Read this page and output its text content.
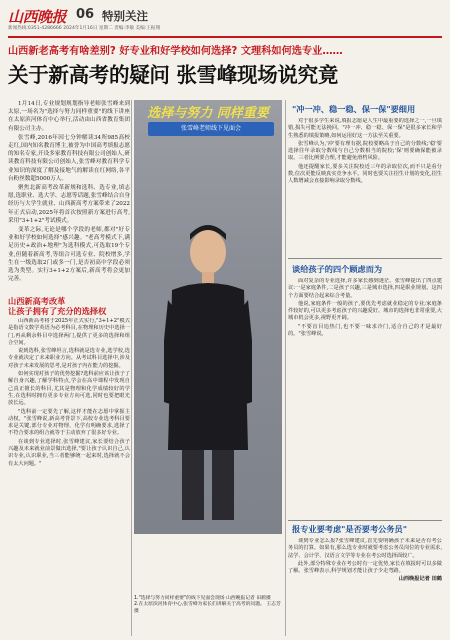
山西晚报 06 特别关注
新闻热线:0351-4286666 2024年1月16日 星期二 责编:李敏 美编:王振翔
山西新老高考有啥差别? 好专业和好学校如何选择? 文理科如何选专业……
关于新高考的疑问 张雪峰现场说究竟

1月14日,专业规划规划指导老师张雪峰来到太原,一场名为"选择与努力同样重要"的线下讲座在太原滨河体育中心举行,活动由山西省教育集团有限公司主办。

张雪峰,2016年因七分钟解读34所985高校走红,国内知名教育博主,被誉为中国高考填报志愿的知名专家,开设多家教育科技有限公司创始人,研读教育科技有限公司创始人,张雪峰对教育科学专业知识的深度了解及接地气的解读在红网络,各平台粉丝数超5000万人。

聚焦北新高考改革新规和选科、选专业,填志愿,选职业、选大学、志愿等话题,张雪峰结合自身经历与大学生就业、山西新高考方案带来了2022年正式启动,2025年将首次按照新方案进行高考,采用"3+1+2"考试模式。

变革之际,无论是哪个学段的老师,都对"好专业和好学校如何选择"感兴趣。"老高考模式下,满足历史+政治+地理"为选科模式,可选取19个专业,但随着新高考,等组合可选专业、院校增多,学生在一级选取2门或多一门,是否初高中学段必须选为类型。实行3+1+2方案后,新高考将会更加完善。

选择与努力 同样重要
张雪峰老师线下见面会
1."选择与努力同样重要"的线下见面会现场 山西晚报记者 田鹤摄
2.在太原滨河体育中心,张雪峰为家长们讲解关于高考的问题。 王志芳摄
山西新高考改革
让孩子拥有了充分的选择权

山西新高考将于2025年正式实行,"3+1+2"模式是指语文数学英语为必考科目,在物理和历史中选择一门,再从剩余科目中选择两门,提供了更多的选择和组合空间。

说到选科,张雪峰坦言,选科就是选专业,选学校,选专业就决定了未来职业方向。从考试科目选择中,涉及对孩子未来发展的思考,是对孩子内在能力的挖掘。

如何实现对孩子的优势挖掘?选科前应该让孩子了解自身兴趣,了解学科特点,学会在高中课程中发现自己真正擅长的科目,尤其是物理和化学成绩较好的学生,在选科时拥有更多专业方向可选,同时也要把眼光放长远。

"选科前一定要先了解,这样才能在志愿中掌握主动权。"张雪峰说,新高考背景下,高校专业选考科目要求是关键,部分专业对物理、化学有明确要求,选择了不符合要求的组合就等于主动放弃了很多好专业。

在谈到专业选择时,张雪峰建议,家长要结合孩子兴趣及未来就业前景做出选择,"要让孩子认识自己,认识专业,认识职业,当三者能够统一起来时,选择就不会有太大问题。"

"冲一冲、稳一稳、保一保"要细用

对于很多学生来说,填报志愿是人生中最重要的选择之一,一旦填错,损失可能无法挽回。"冲一冲、稳一稳、保一保"是很多家长和学生熟悉的填报策略,如何运用好这一方法至关重要。

张雪峰认为,'冲'要有理有据,院校要略高于自己的分数线;'稳'要选择往年录取分数线与自己分数相当的院校;'保'则要确保能被录取。三者比例要合理,才能避免滑档风险。

他还提醒家长,要多关注院校近三年的录取位次,而不只是看分数,位次更能反映真实竞争水平。同时也要关注招生计划的变化,招生人数增减会直接影响录取分数线。

谈给孩子的四个顾虑而为

面对复杂的专业选择,许多家长感到迷茫。张雪峰提出了四点建议:一是家庭条件,二是孩子兴趣,三是城市选择,四是职业规划。这四个方面要结合起来综合考量。

他说,家庭条件一般的孩子,要优先考虑就业稳定的专业;家庭条件较好的,可以更多考虑孩子的兴趣爱好。城市的选择也非常重要,大城市机会更多,视野更开阔。

"不要盲目追热门,也不要一味求冷门,适合自己的才是最好的。"张雪峰说。

报专业要考虑"是否要考公务员"

谈到专业怎么报?张雪峰建议,首先要明确孩子未来是否有考公务员的打算。如果有,那么选专业时就要考虑公务员岗位的专业需求,法学、会计学、汉语言文学等专业在考公时选择面较广。

此外,部分特殊专业在考公时有一定优势,家长在填报时可以多做了解。张雪峰表示,科学规划才能让孩子少走弯路。

山西晚报记者 田鹤
